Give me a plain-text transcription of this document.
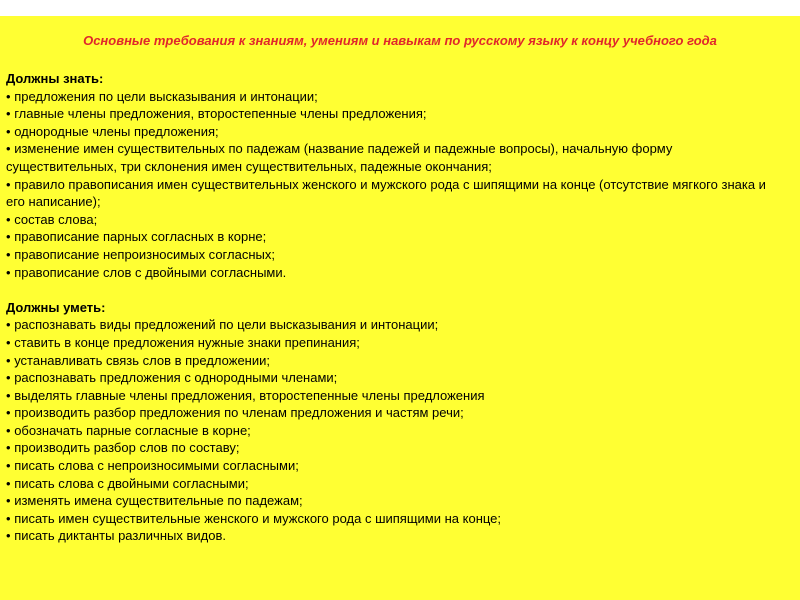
Основные требования к знаниям, умениям и навыкам по русскому языку к концу учебного года
Должны знать:
• предложения по цели высказывания и интонации;
• главные члены предложения, второстепенные члены предложения;
• однородные члены предложения;
• изменение имен существительных по падежам (название падежей и падежные вопросы), начальную форму существительных, три склонения имен существительных, падежные окончания;
• правило правописания имен существительных женского и мужского рода с шипящими на конце (отсутствие мягкого знака и его написание);
• состав слова;
• правописание парных согласных в корне;
• правописание непроизносимых согласных;
• правописание слов с двойными согласными.
Должны уметь:
• распознавать виды предложений по цели высказывания и интонации;
• ставить в конце предложения нужные знаки препинания;
• устанавливать связь слов в предложении;
• распознавать предложения с однородными членами;
• выделять главные члены предложения, второстепенные члены предложения
• производить разбор предложения по членам предложения и частям речи;
• обозначать парные согласные в корне;
• производить разбор слов по составу;
• писать слова с непроизносимыми согласными;
• писать слова с двойными согласными;
• изменять имена существительные по падежам;
• писать имен существительные женского и мужского рода с шипящими на конце;
• писать диктанты различных видов.
